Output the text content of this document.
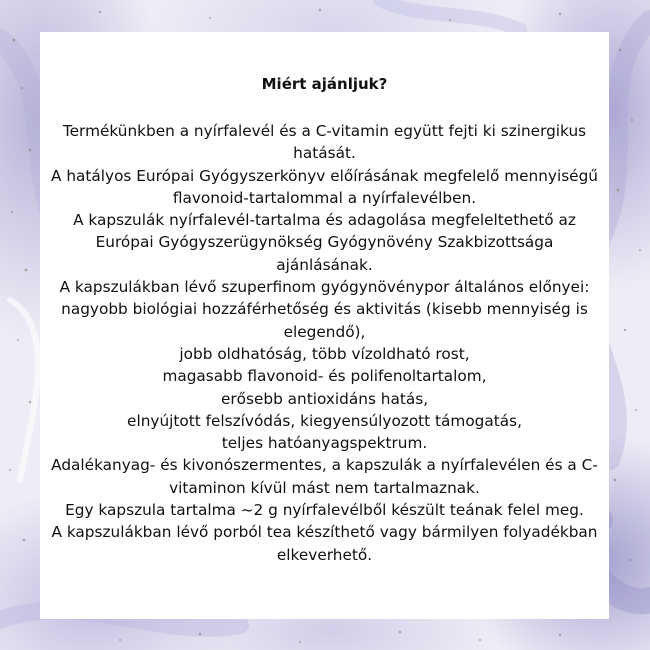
Miért ajánljuk?
Termékünkben a nyírfalevél és a C-vitamin együtt fejti ki szinergikus
hatását.
A hatályos Európai Gyógyszerkönyv előírásának megfelelő mennyiségű
flavonoid-tartalommal a nyírfalevélben.
A kapszulák nyírfalevél-tartalma és adagolása megfeleltethető az
Európai Gyógyszerügynökség Gyógynövény Szakbizottsága
ajánlásának.
A kapszulákban lévő szuperfinom gyógynövénypor általános előnyei:
nagyobb biológiai hozzáférhetőség és aktivitás (kisebb mennyiség is
elegendő),
jobb oldhatóság, több vízoldható rost,
magasabb flavonoid- és polifenoltartalom,
erősebb antioxidáns hatás,
elnyújtott felszívódás, kiegyensúlyozott támogatás,
teljes hatóanyagspektrum.
Adalékanyag- és kivonószermentes, a kapszulák a nyírfalevélen és a C-
vitaminon kívül mást nem tartalmaznak.
Egy kapszula tartalma ~2 g nyírfalevélből készült teának felel meg.
A kapszulákban lévő porból tea készíthető vagy bármilyen folyadékban
elkeverhető.
